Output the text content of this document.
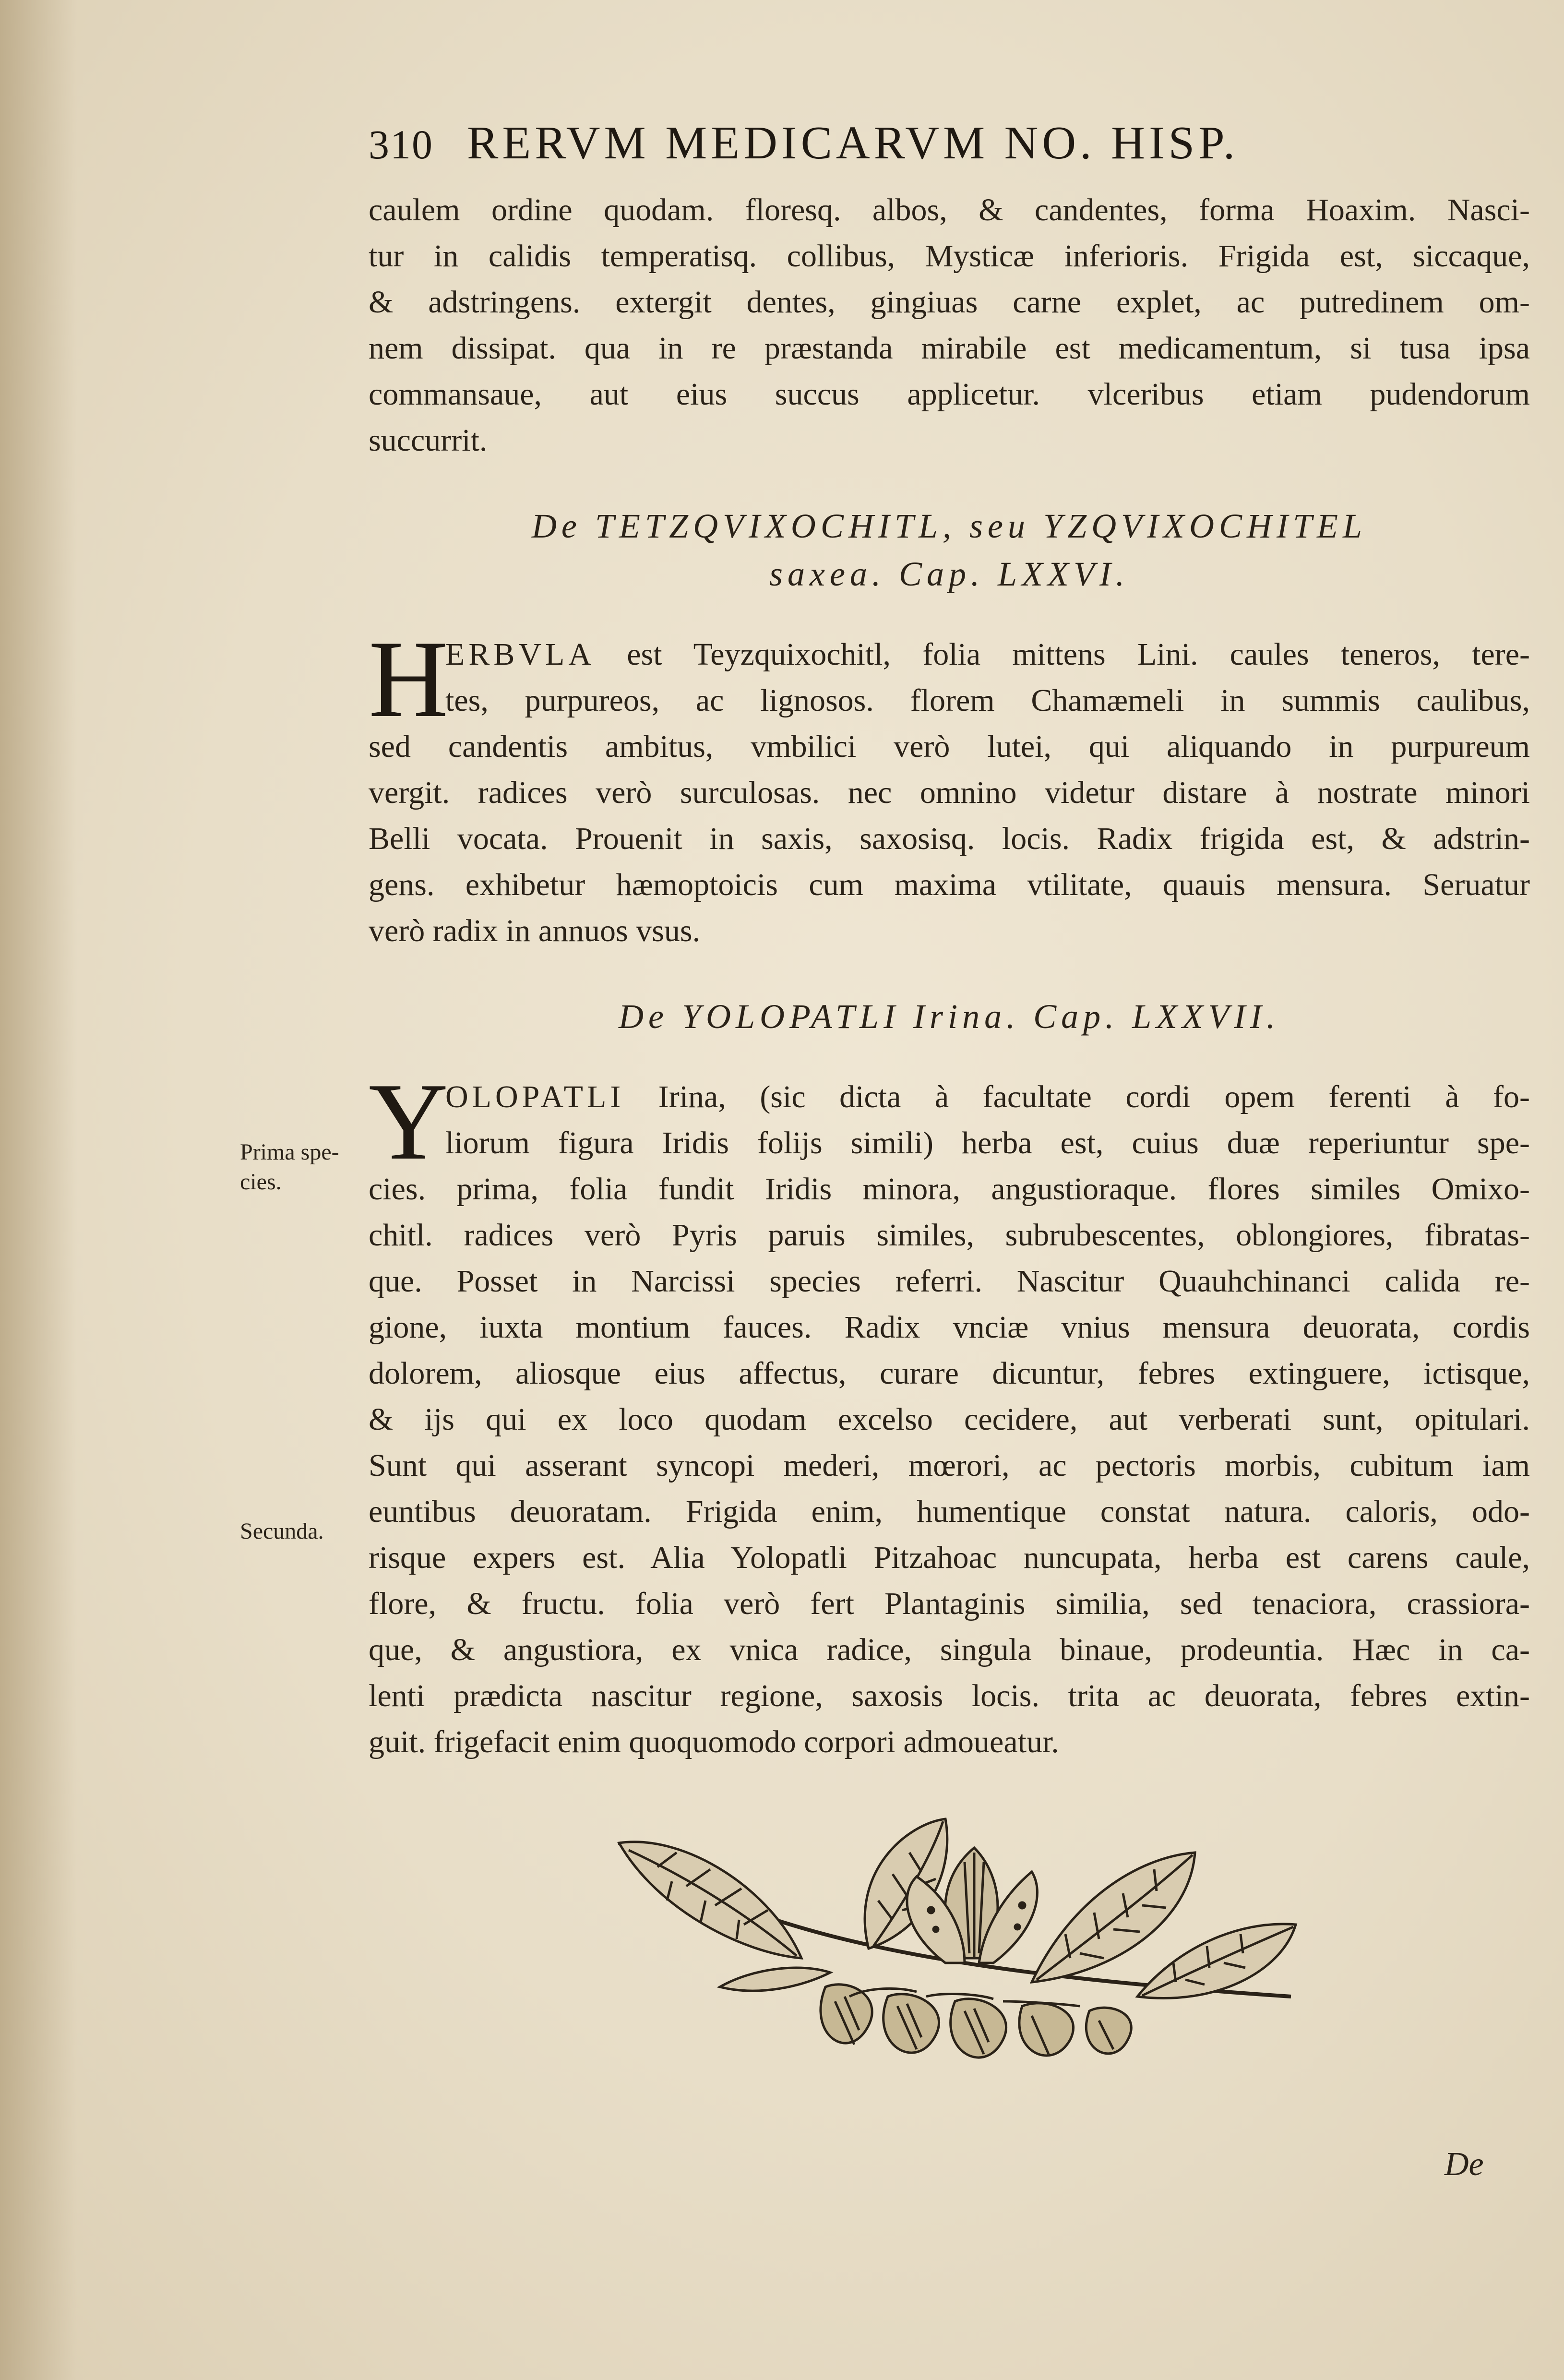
310 RERVM MEDICARVM NO. HISP.
caulem ordine quodam. floresq. albos, & candentes, forma Hoaxim. Nasci-
tur in calidis temperatisq. collibus, Mysticæ inferioris. Frigida est, siccaque,
& adstringens. extergit dentes, gingiuas carne explet, ac putredinem om-
nem dissipat. qua in re præstanda mirabile est medicamentum, si tusa ipsa
commansaue, aut eius succus applicetur. vlceribus etiam pudendorum
succurrit.
De TETZQVIXOCHITL, seu YZQVIXOCHITEL
saxea. Cap. LXXVI.
H
ERBVLA est Teyzquixochitl, folia mittens Lini. caules teneros, tere-
tes, purpureos, ac lignosos. florem Chamæmeli in summis caulibus,
sed candentis ambitus, vmbilici verò lutei, qui aliquando in purpureum
vergit. radices verò surculosas. nec omnino videtur distare à nostrate minori
Belli vocata. Prouenit in saxis, saxosisq. locis. Radix frigida est, & adstrin-
gens. exhibetur hæmoptoicis cum maxima vtilitate, quauis mensura. Seruatur
verò radix in annuos vsus.
De YOLOPATLI Irina. Cap. LXXVII.
Y
OLOPATLI Irina, (sic dicta à facultate cordi opem ferenti à fo-
liorum figura Iridis folijs simili) herba est, cuius duæ reperiuntur spe-
cies. prima, folia fundit Iridis minora, angustioraque. flores similes Omixo-
chitl. radices verò Pyris paruis similes, subrubescentes, oblongiores, fibratas-
que. Posset in Narcissi species referri. Nascitur Quauhchinanci calida re-
gione, iuxta montium fauces. Radix vnciæ vnius mensura deuorata, cordis
dolorem, aliosque eius affectus, curare dicuntur, febres extinguere, ictisque,
& ijs qui ex loco quodam excelso cecidere, aut verberati sunt, opitulari.
Sunt qui asserant syncopi mederi, mœrori, ac pectoris morbis, cubitum iam
euntibus deuoratam. Frigida enim, humentique constat natura. caloris, odo-
risque expers est. Alia Yolopatli Pitzahoac nuncupata, herba est carens caule,
flore, & fructu. folia verò fert Plantaginis similia, sed tenaciora, crassiora-
que, & angustiora, ex vnica radice, singula binaue, prodeuntia. Hæc in ca-
lenti prædicta nascitur regione, saxosis locis. trita ac deuorata, febres extin-
guit. frigefacit enim quoquomodo corpori admoueatur.
Prima spe-
cies.
Secunda.
De
